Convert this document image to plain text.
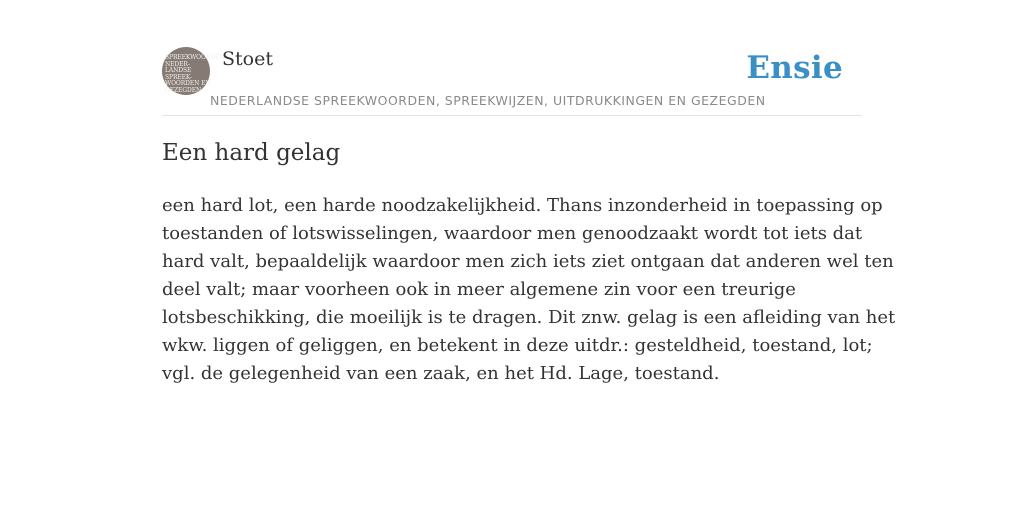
SPREEKWOORDEN
NEDER-
LANDSE
SPREEK-
WOORDEN EN
GEZEGDEN
Stoet
NEDERLANDSE SPREEKWOORDEN, SPREEKWIJZEN, UITDRUKKINGEN EN GEZEGDEN
Ensie
Een hard gelag
een hard lot, een harde noodzakelijkheid. Thans inzonderheid in toepassing op
toestanden of lotswisselingen, waardoor men genoodzaakt wordt tot iets dat
hard valt, bepaaldelijk waardoor men zich iets ziet ontgaan dat anderen wel ten
deel valt; maar voorheen ook in meer algemene zin voor een treurige
lotsbeschikking, die moeilijk is te dragen. Dit znw. gelag is een afleiding van het
wkw. liggen of geliggen, en betekent in deze uitdr.: gesteldheid, toestand, lot;
vgl. de gelegenheid van een zaak, en het Hd. Lage, toestand.
